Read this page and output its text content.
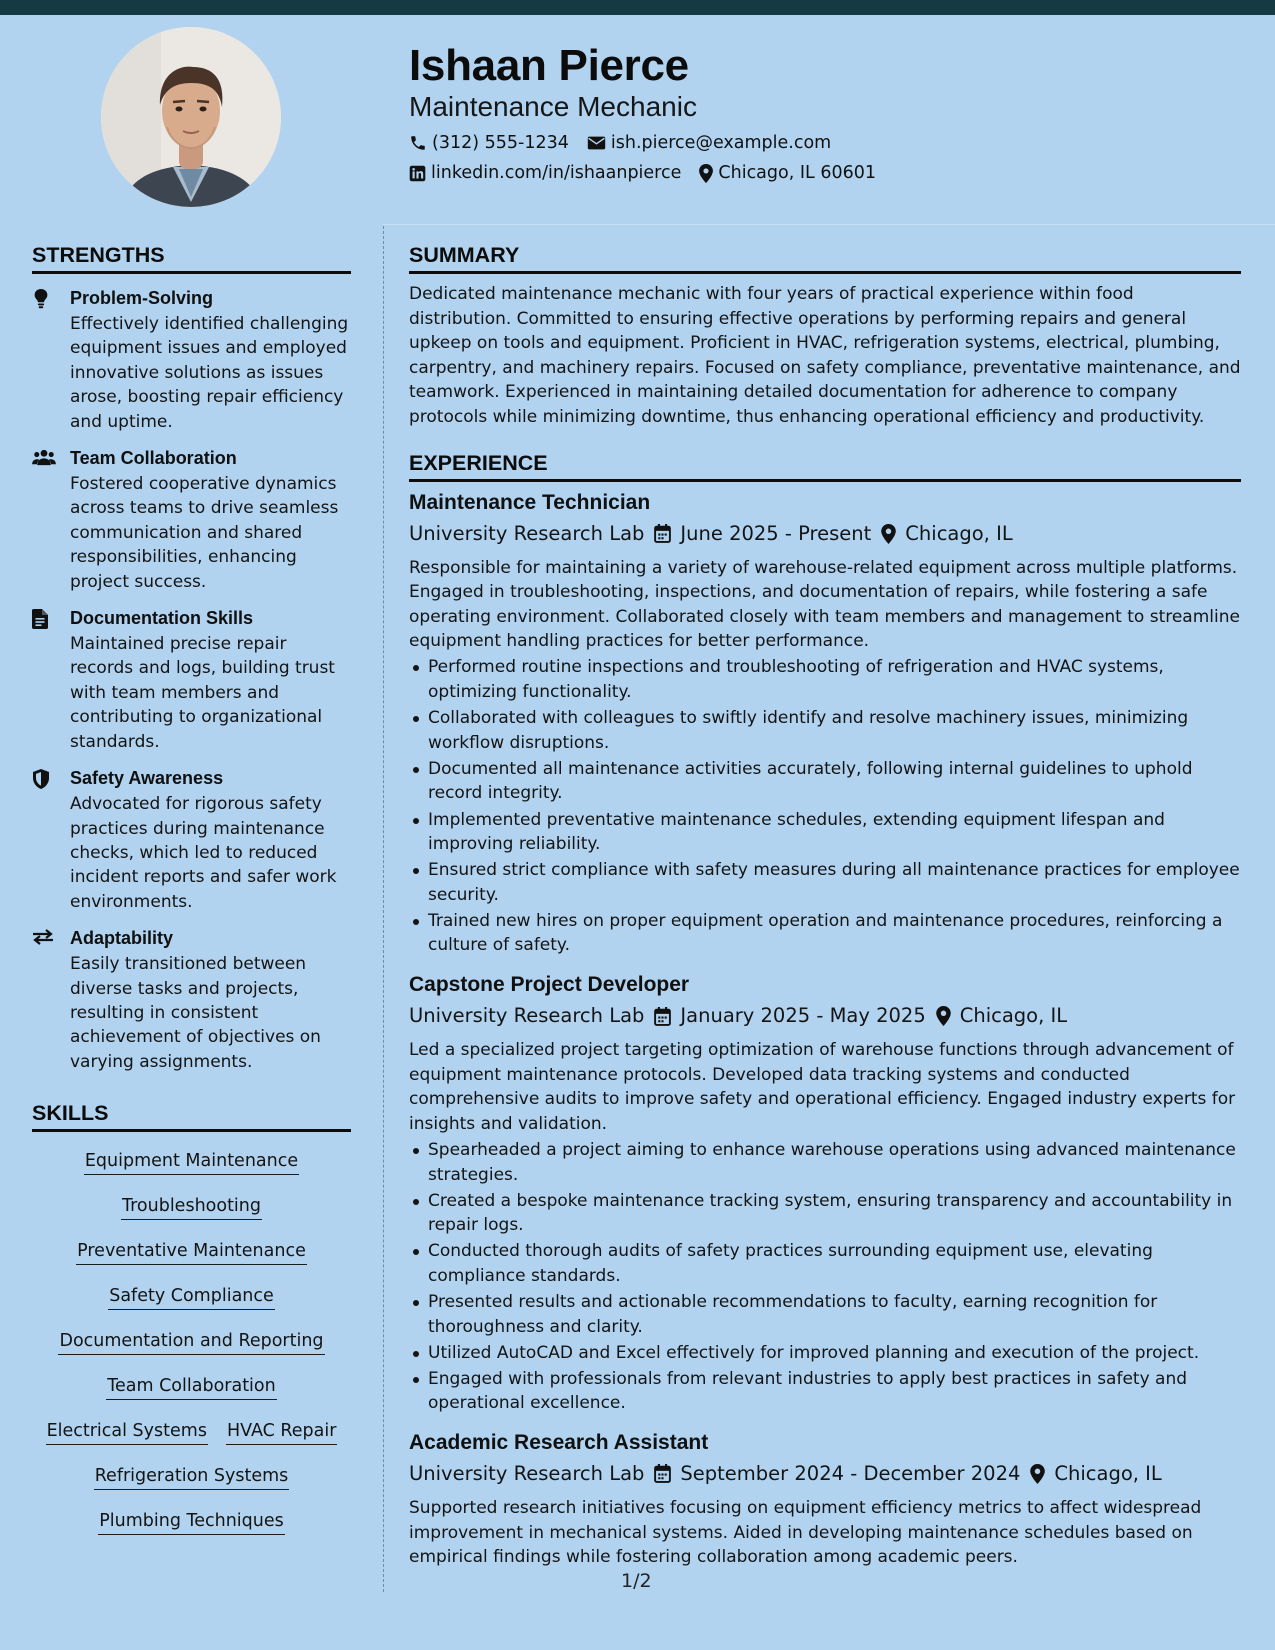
Ishaan Pierce
Maintenance Mechanic
(312) 555-1234 ish.pierce@example.com
linkedin.com/in/ishaanpierce Chicago, IL 60601
STRENGTHS
Problem-Solving
Effectively identified challenging equipment issues and employed innovative solutions as issues arose, boosting repair efficiency and uptime.
Team Collaboration
Fostered cooperative dynamics across teams to drive seamless communication and shared responsibilities, enhancing project success.
Documentation Skills
Maintained precise repair records and logs, building trust with team members and contributing to organizational standards.
Safety Awareness
Advocated for rigorous safety practices during maintenance checks, which led to reduced incident reports and safer work environments.
Adaptability
Easily transitioned between diverse tasks and projects, resulting in consistent achievement of objectives on varying assignments.
SKILLS
Equipment Maintenance
Troubleshooting
Preventative Maintenance
Safety Compliance
Documentation and Reporting
Team Collaboration
Electrical Systems HVAC Repair
Refrigeration Systems
Plumbing Techniques
SUMMARY
Dedicated maintenance mechanic with four years of practical experience within food distribution. Committed to ensuring effective operations by performing repairs and general upkeep on tools and equipment. Proficient in HVAC, refrigeration systems, electrical, plumbing, carpentry, and machinery repairs. Focused on safety compliance, preventative maintenance, and teamwork. Experienced in maintaining detailed documentation for adherence to company protocols while minimizing downtime, thus enhancing operational efficiency and productivity.
EXPERIENCE
Maintenance Technician
University Research Lab June 2025 - Present Chicago, IL
Responsible for maintaining a variety of warehouse-related equipment across multiple platforms. Engaged in troubleshooting, inspections, and documentation of repairs, while fostering a safe operating environment. Collaborated closely with team members and management to streamline equipment handling practices for better performance.
Performed routine inspections and troubleshooting of refrigeration and HVAC systems, optimizing functionality.
Collaborated with colleagues to swiftly identify and resolve machinery issues, minimizing workflow disruptions.
Documented all maintenance activities accurately, following internal guidelines to uphold record integrity.
Implemented preventative maintenance schedules, extending equipment lifespan and improving reliability.
Ensured strict compliance with safety measures during all maintenance practices for employee security.
Trained new hires on proper equipment operation and maintenance procedures, reinforcing a culture of safety.
Capstone Project Developer
University Research Lab January 2025 - May 2025 Chicago, IL
Led a specialized project targeting optimization of warehouse functions through advancement of equipment maintenance protocols. Developed data tracking systems and conducted comprehensive audits to improve safety and operational efficiency. Engaged industry experts for insights and validation.
Spearheaded a project aiming to enhance warehouse operations using advanced maintenance strategies.
Created a bespoke maintenance tracking system, ensuring transparency and accountability in repair logs.
Conducted thorough audits of safety practices surrounding equipment use, elevating compliance standards.
Presented results and actionable recommendations to faculty, earning recognition for thoroughness and clarity.
Utilized AutoCAD and Excel effectively for improved planning and execution of the project.
Engaged with professionals from relevant industries to apply best practices in safety and operational excellence.
Academic Research Assistant
University Research Lab September 2024 - December 2024 Chicago, IL
Supported research initiatives focusing on equipment efficiency metrics to affect widespread improvement in mechanical systems. Aided in developing maintenance schedules based on empirical findings while fostering collaboration among academic peers.
1/2
